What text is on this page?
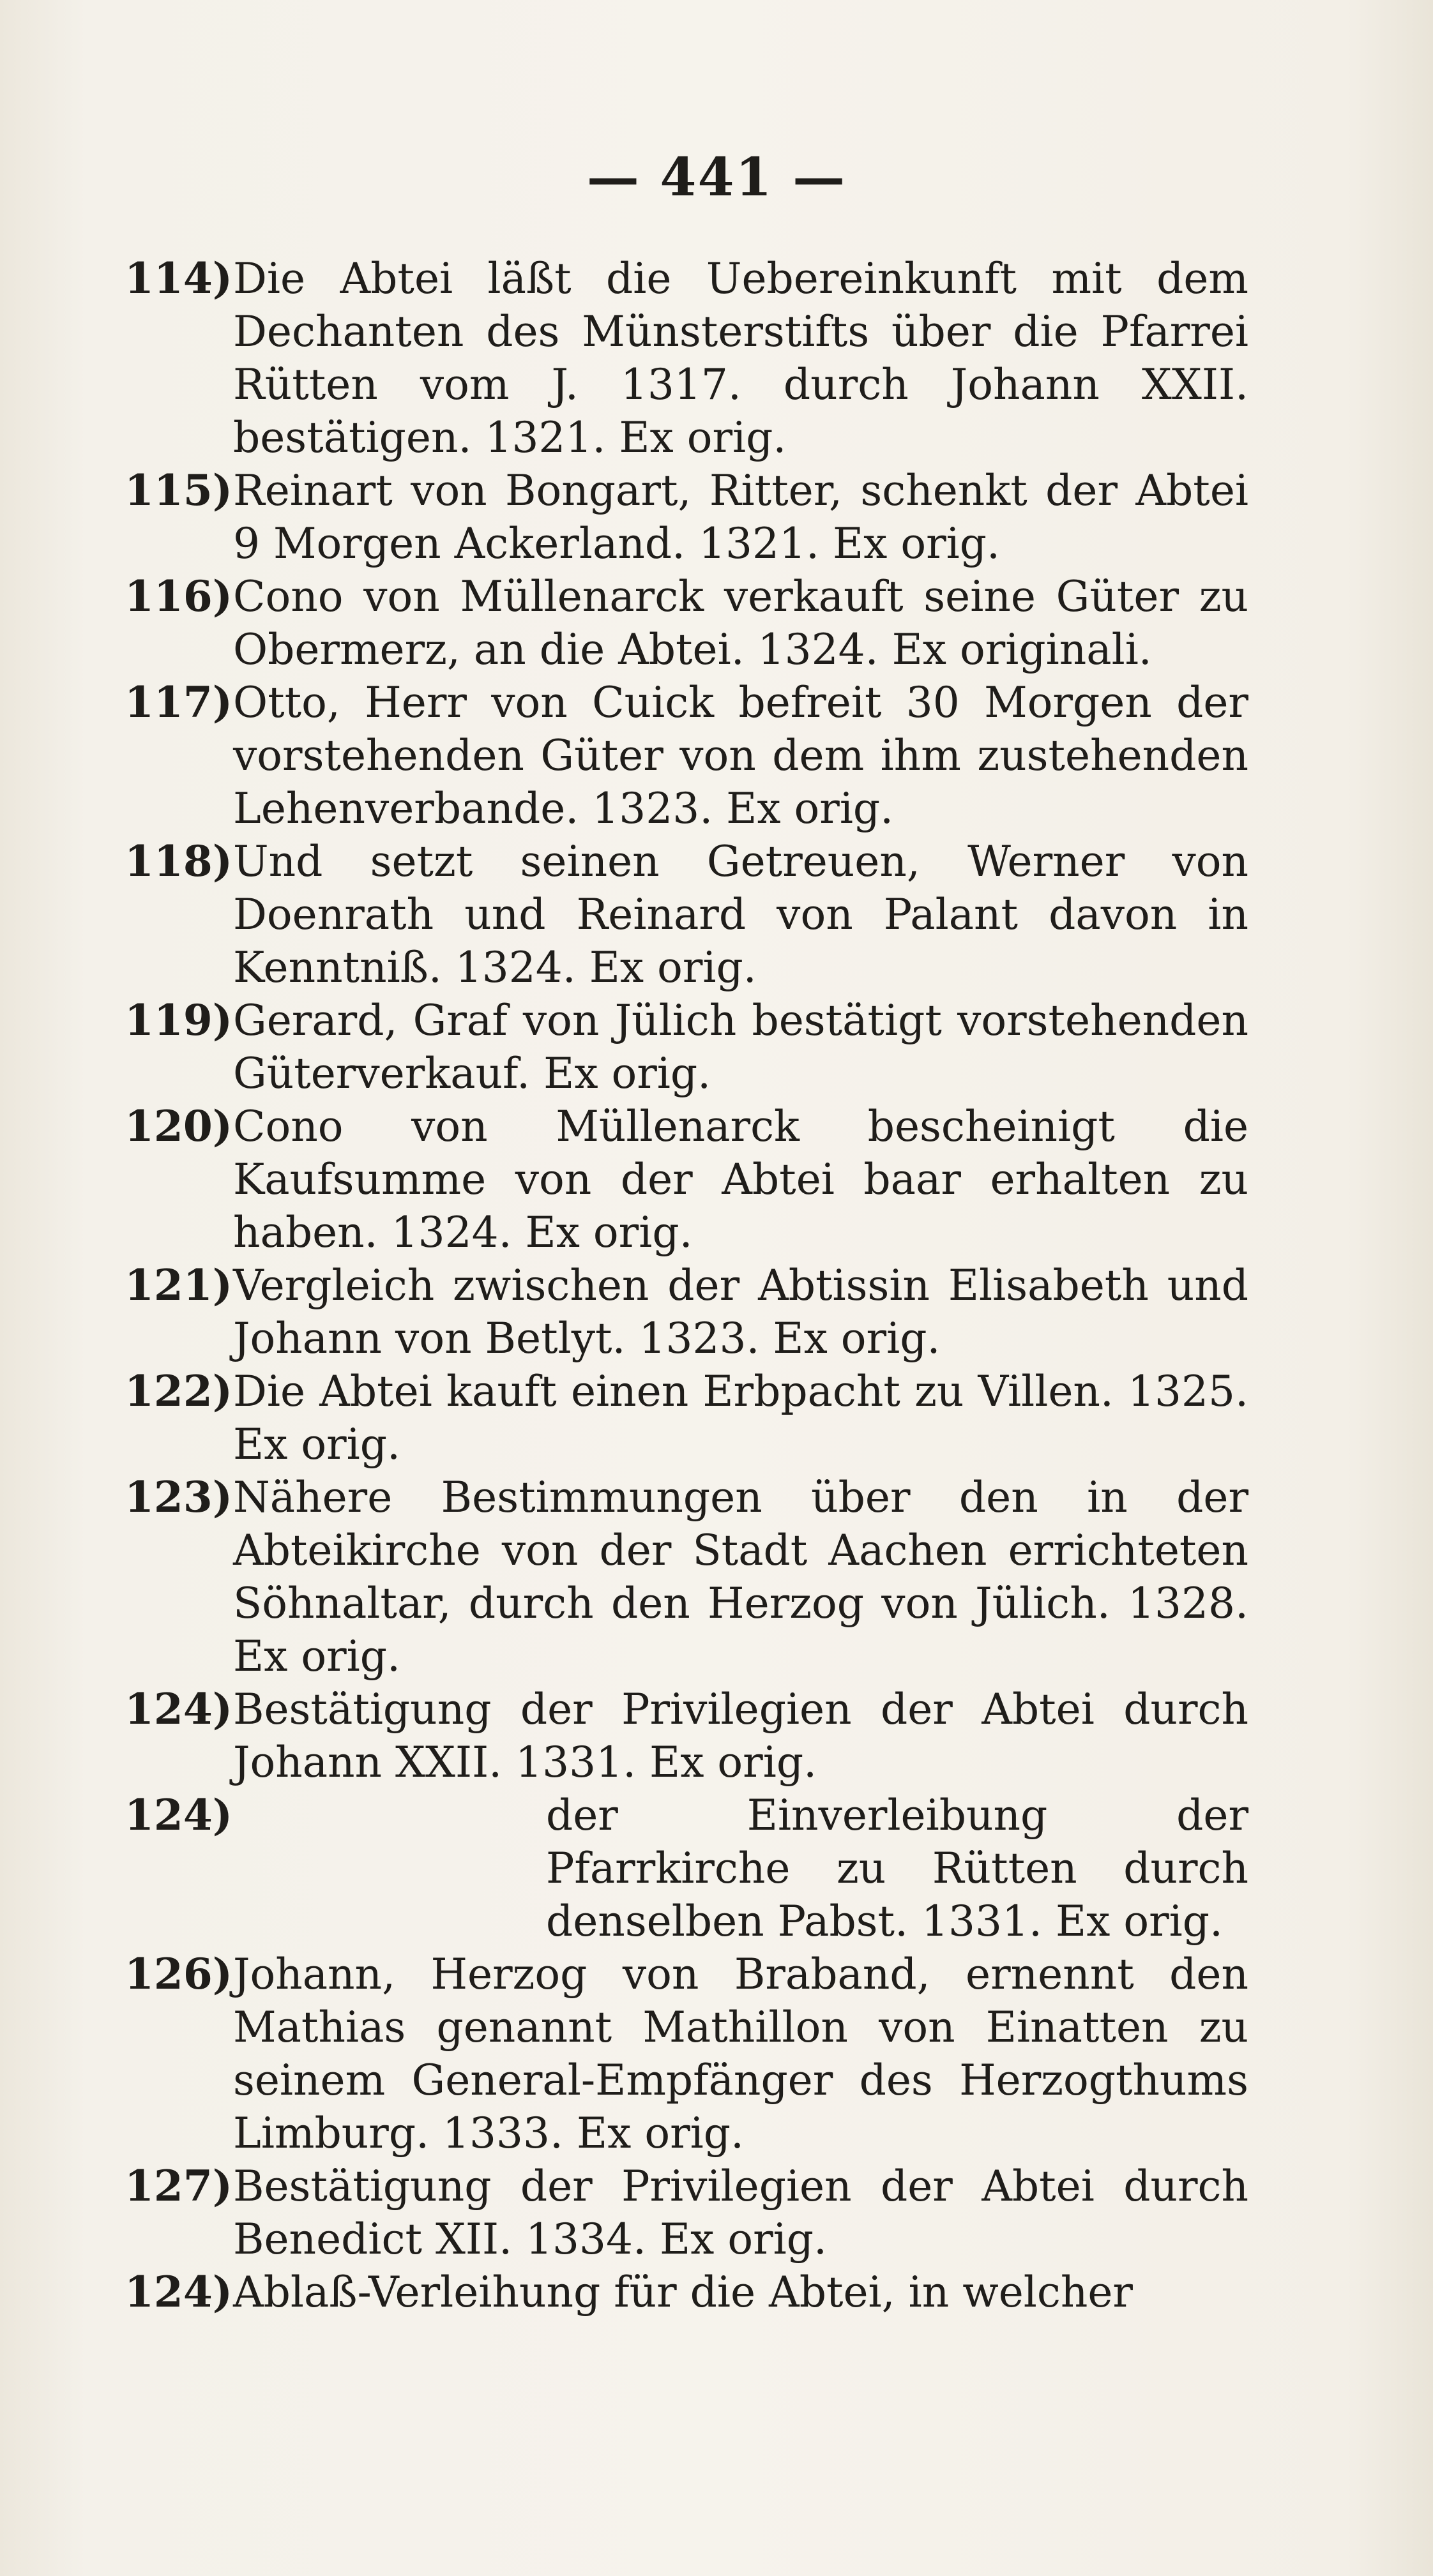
— 441 —
114) Die Abtei läßt die Uebereinkunft mit dem Dechanten des Münsterstifts über die Pfarrei Rütten vom J. 1317. durch Johann XXII. bestätigen. 1321. Ex orig.
115) Reinart von Bongart, Ritter, schenkt der Abtei 9 Morgen Ackerland. 1321. Ex orig.
116) Cono von Müllenarck verkauft seine Güter zu Obermerz, an die Abtei. 1324. Ex originali.
117) Otto, Herr von Cuick befreit 30 Morgen der vorstehenden Güter von dem ihm zustehenden Lehenverbande. 1323. Ex orig.
118) Und setzt seinen Getreuen, Werner von Doenrath und Reinard von Palant davon in Kenntniß. 1324. Ex orig.
119) Gerard, Graf von Jülich bestätigt vorstehenden Güterverkauf. Ex orig.
120) Cono von Müllenarck bescheinigt die Kaufsumme von der Abtei baar erhalten zu haben. 1324. Ex orig.
121) Vergleich zwischen der Abtissin Elisabeth und Johann von Betlyt. 1323. Ex orig.
122) Die Abtei kauft einen Erbpacht zu Villen. 1325. Ex orig.
123) Nähere Bestimmungen über den in der Abteikirche von der Stadt Aachen errichteten Söhnaltar, durch den Herzog von Jülich. 1328. Ex orig.
124) Bestätigung der Privilegien der Abtei durch Johann XXII. 1331. Ex orig.
124)	der Einverleibung der Pfarrkirche zu Rütten durch denselben Pabst. 1331. Ex orig.
126) Johann, Herzog von Braband, ernennt den Mathias genannt Mathillon von Einatten zu seinem General-Empfänger des Herzogthums Limburg. 1333. Ex orig.
127) Bestätigung der Privilegien der Abtei durch Benedict XII. 1334. Ex orig.
124) Ablaß-Verleihung für die Abtei, in welcher
